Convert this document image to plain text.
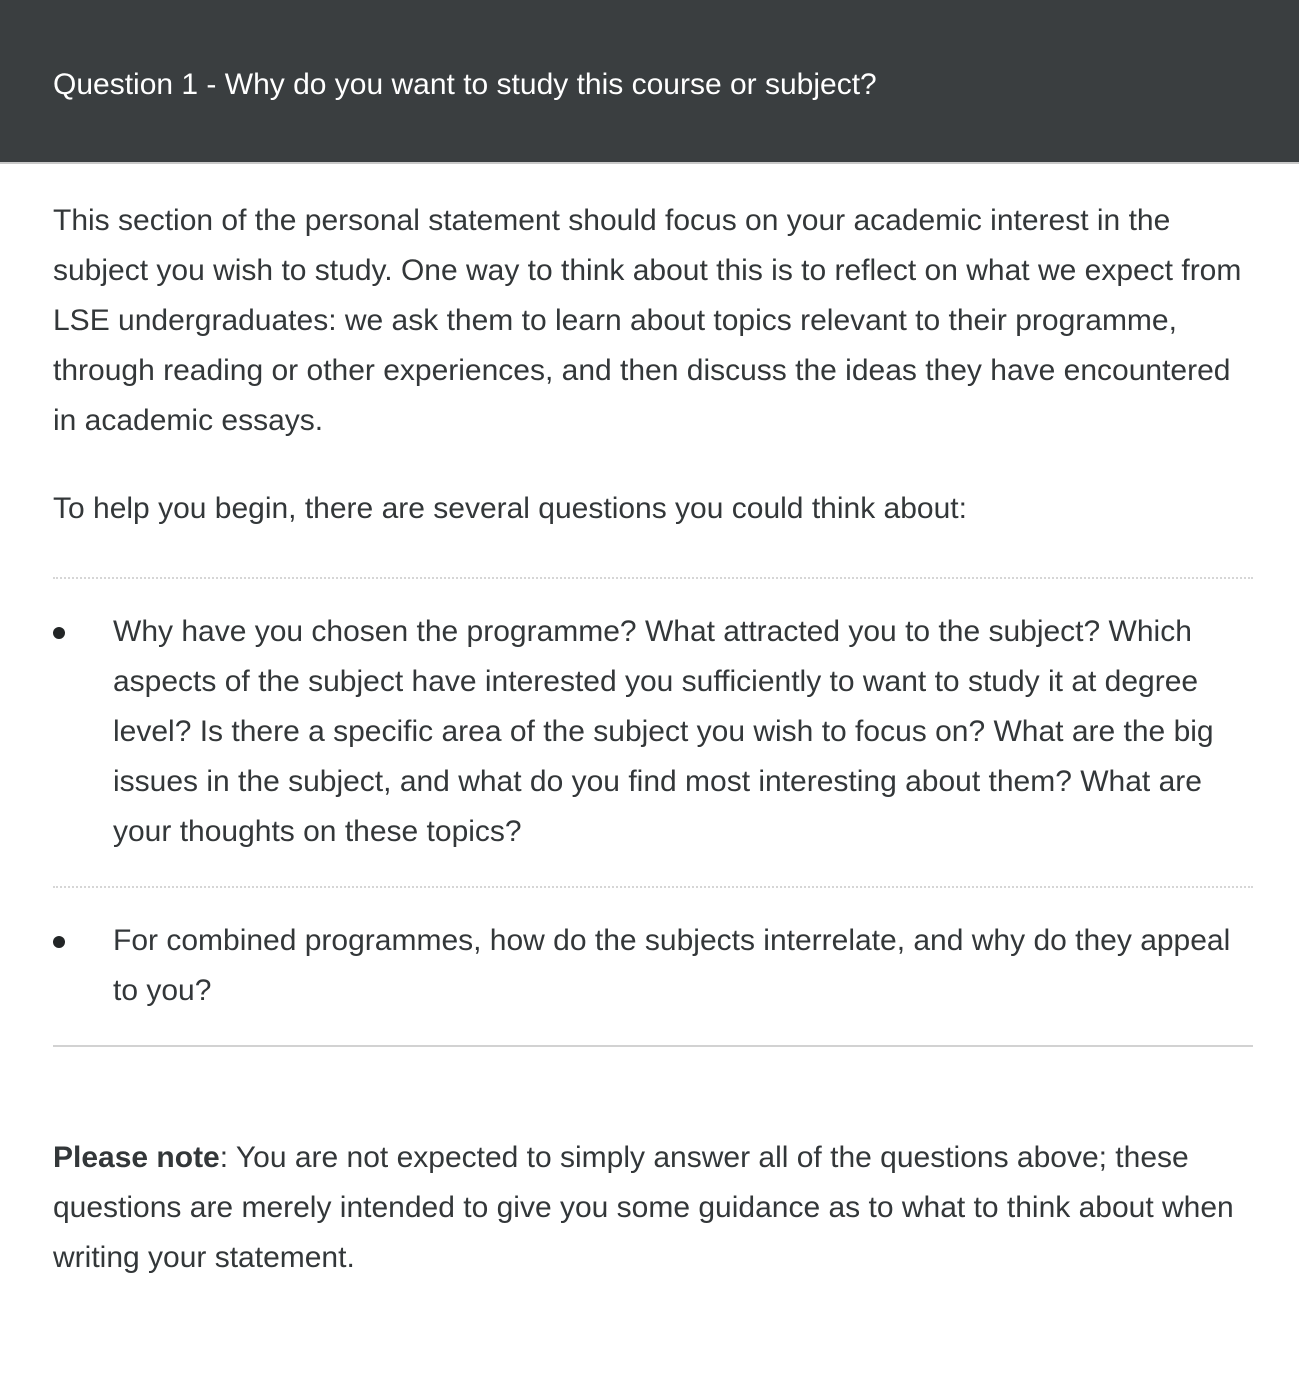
Question 1 - Why do you want to study this course or subject?

This section of the personal statement should focus on your academic interest in the subject you wish to study. One way to think about this is to reflect on what we expect from LSE undergraduates: we ask them to learn about topics relevant to their programme, through reading or other experiences, and then discuss the ideas they have encountered in academic essays.

To help you begin, there are several questions you could think about:

Why have you chosen the programme? What attracted you to the subject? Which aspects of the subject have interested you sufficiently to want to study it at degree level? Is there a specific area of the subject you wish to focus on? What are the big issues in the subject, and what do you find most interesting about them? What are your thoughts on these topics?
For combined programmes, how do the subjects interrelate, and why do they appeal to you?

Please note: You are not expected to simply answer all of the questions above; these questions are merely intended to give you some guidance as to what to think about when writing your statement.
